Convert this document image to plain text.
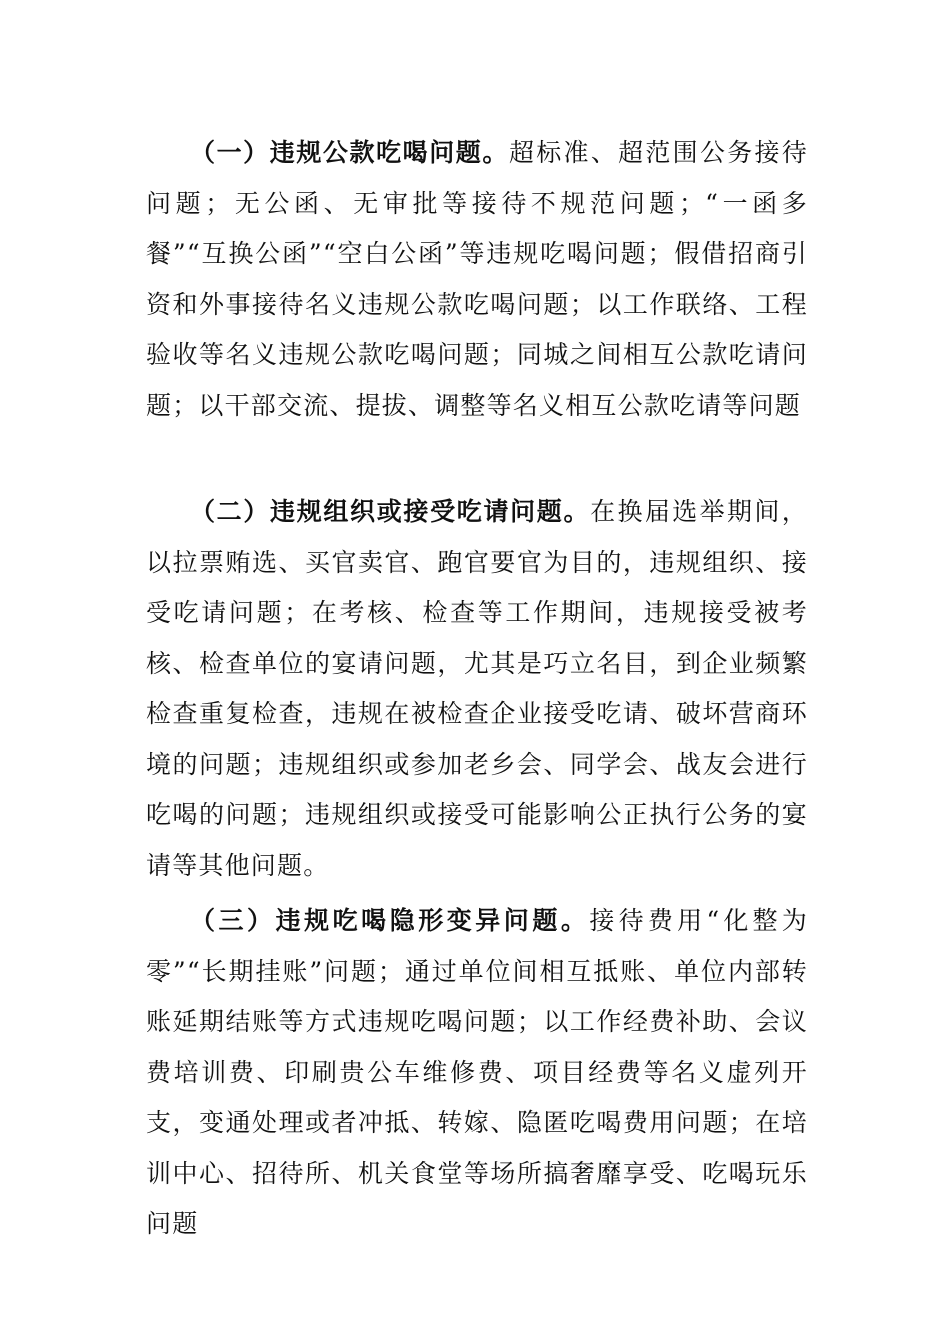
（一）违规公款吃喝问题。超标准、超范围公务接待问题；无公函、无审批等接待不规范问题；“一函多餐”“互换公函”“空白公函”等违规吃喝问题；假借招商引资和外事接待名义违规公款吃喝问题；以工作联络、工程验收等名义违规公款吃喝问题；同城之间相互公款吃请问题；以干部交流、提拔、调整等名义相互公款吃请等问题

（二）违规组织或接受吃请问题。在换届选举期间，以拉票贿选、买官卖官、跑官要官为目的，违规组织、接受吃请问题；在考核、检查等工作期间，违规接受被考核、检查单位的宴请问题，尤其是巧立名目，到企业频繁检查重复检查，违规在被检查企业接受吃请、破坏营商环境的问题；违规组织或参加老乡会、同学会、战友会进行吃喝的问题；违规组织或接受可能影响公正执行公务的宴请等其他问题。

（三）违规吃喝隐形变异问题。接待费用“化整为零”“长期挂账”问题；通过单位间相互抵账、单位内部转账延期结账等方式违规吃喝问题；以工作经费补助、会议费培训费、印刷贵公车维修费、项目经费等名义虚列开支，变通处理或者冲抵、转嫁、隐匿吃喝费用问题；在培训中心、招待所、机关食堂等场所搞奢靡享受、吃喝玩乐问题
